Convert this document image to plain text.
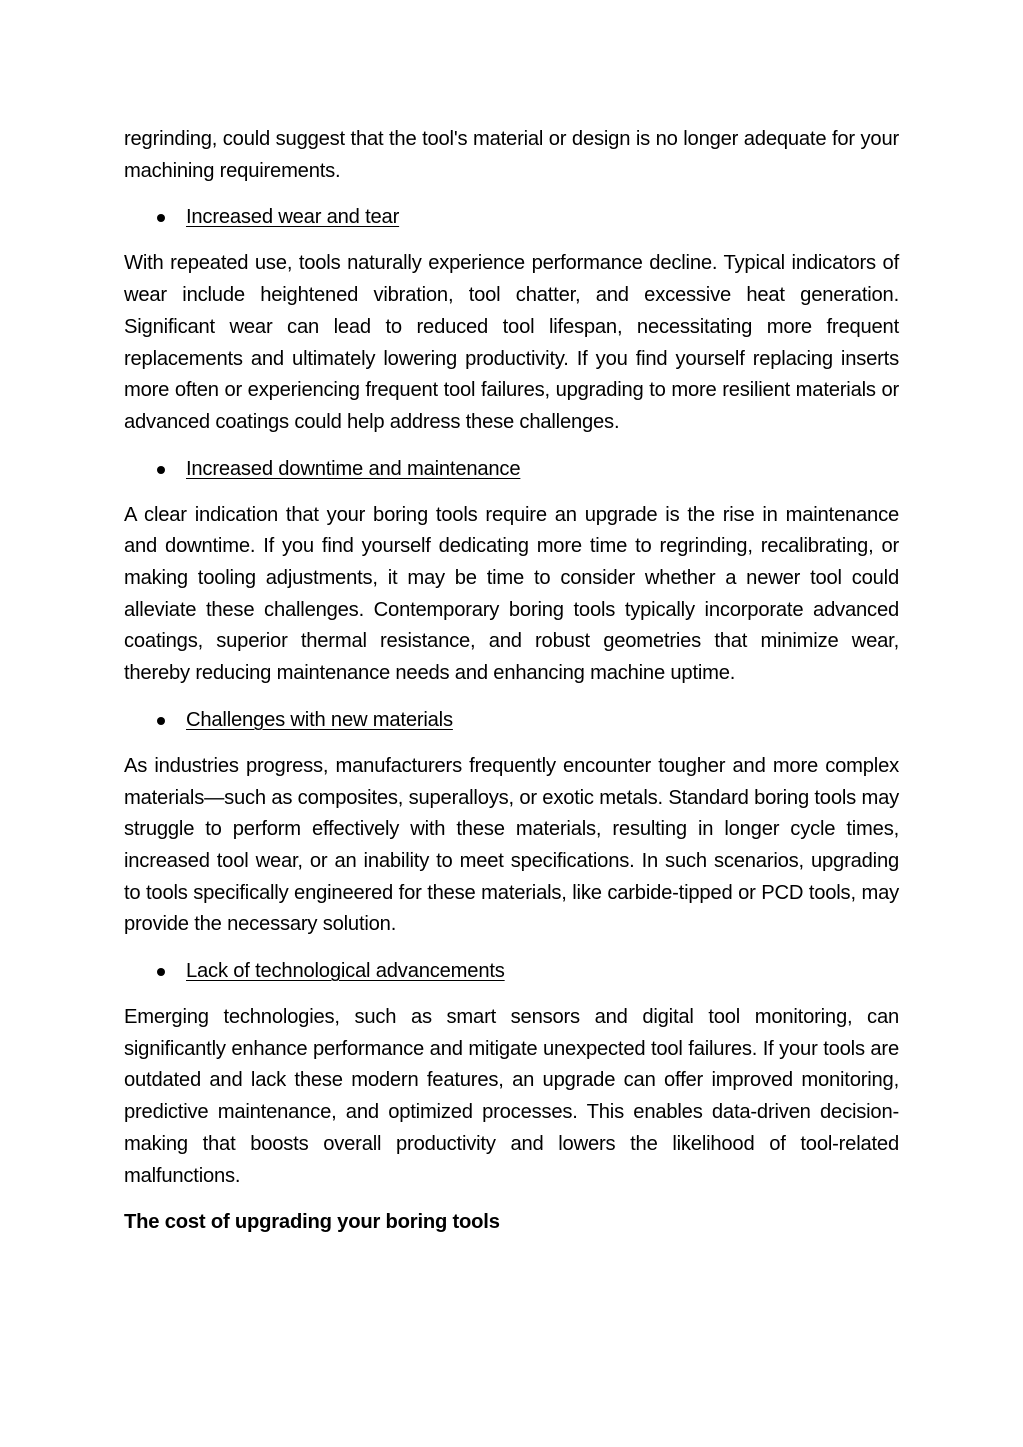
regrinding, could suggest that the tool's material or design is no longer adequate for your machining requirements.

Increased wear and tear

With repeated use, tools naturally experience performance decline. Typical indicators of wear include heightened vibration, tool chatter, and excessive heat generation. Significant wear can lead to reduced tool lifespan, necessitating more frequent replacements and ultimately lowering productivity. If you find yourself replacing inserts more often or experiencing frequent tool failures, upgrading to more resilient materials or advanced coatings could help address these challenges.

Increased downtime and maintenance

A clear indication that your boring tools require an upgrade is the rise in maintenance and downtime. If you find yourself dedicating more time to regrinding, recalibrating, or making tooling adjustments, it may be time to consider whether a newer tool could alleviate these challenges. Contemporary boring tools typically incorporate advanced coatings, superior thermal resistance, and robust geometries that minimize wear, thereby reducing maintenance needs and enhancing machine uptime.

Challenges with new materials

As industries progress, manufacturers frequently encounter tougher and more complex materials—such as composites, superalloys, or exotic metals. Standard boring tools may struggle to perform effectively with these materials, resulting in longer cycle times, increased tool wear, or an inability to meet specifications. In such scenarios, upgrading to tools specifically engineered for these materials, like carbide-tipped or PCD tools, may provide the necessary solution.

Lack of technological advancements

Emerging technologies, such as smart sensors and digital tool monitoring, can significantly enhance performance and mitigate unexpected tool failures. If your tools are outdated and lack these modern features, an upgrade can offer improved monitoring, predictive maintenance, and optimized processes. This enables data-driven decision-making that boosts overall productivity and lowers the likelihood of tool-related malfunctions.

The cost of upgrading your boring tools
